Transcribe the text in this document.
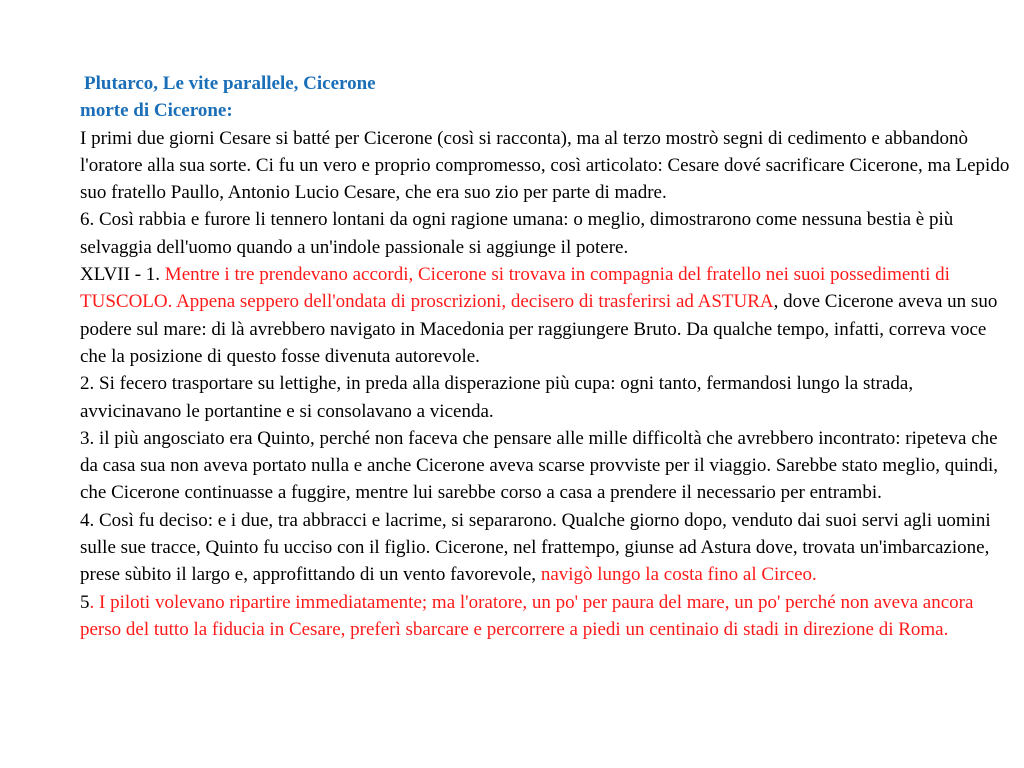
Plutarco, Le vite parallele, Cicerone

morte di Cicerone:

I primi due giorni Cesare si batté per Cicerone (così si racconta), ma al terzo mostrò segni di cedimento e abbandonò l'oratore alla sua sorte. Ci fu un vero e proprio compromesso, così articolato: Cesare dové sacrificare Cicerone, ma Lepido suo fratello Paullo, Antonio Lucio Cesare, che era suo zio per parte di madre.

6. Così rabbia e furore li tennero lontani da ogni ragione umana: o meglio, dimostrarono come nessuna bestia è più selvaggia dell'uomo quando a un'indole passionale si aggiunge il potere.

XLVII - 1. Mentre i tre prendevano accordi, Cicerone si trovava in compagnia del fratello nei suoi possedimenti di TUSCOLO. Appena seppero dell'ondata di proscrizioni, decisero di trasferirsi ad ASTURA, dove Cicerone aveva un suo podere sul mare: di là avrebbero navigato in Macedonia per raggiungere Bruto. Da qualche tempo, infatti, correva voce che la posizione di questo fosse divenuta autorevole.

2. Si fecero trasportare su lettighe, in preda alla disperazione più cupa: ogni tanto, fermandosi lungo la strada, avvicinavano le portantine e si consolavano a vicenda.

3. il più angosciato era Quinto, perché non faceva che pensare alle mille difficoltà che avrebbero incontrato: ripeteva che da casa sua non aveva portato nulla e anche Cicerone aveva scarse provviste per il viaggio. Sarebbe stato meglio, quindi, che Cicerone continuasse a fuggire, mentre lui sarebbe corso a casa a prendere il necessario per entrambi.

4. Così fu deciso: e i due, tra abbracci e lacrime, si separarono. Qualche giorno dopo, venduto dai suoi servi agli uomini sulle sue tracce, Quinto fu ucciso con il figlio. Cicerone, nel frattempo, giunse ad Astura dove, trovata un'imbarcazione, prese sùbito il largo e, approfittando di un vento favorevole, navigò lungo la costa fino al Circeo.

5. I piloti volevano ripartire immediatamente; ma l'oratore, un po' per paura del mare, un po' perché non aveva ancora perso del tutto la fiducia in Cesare, preferì sbarcare e percorrere a piedi un centinaio di stadi in direzione di Roma.
